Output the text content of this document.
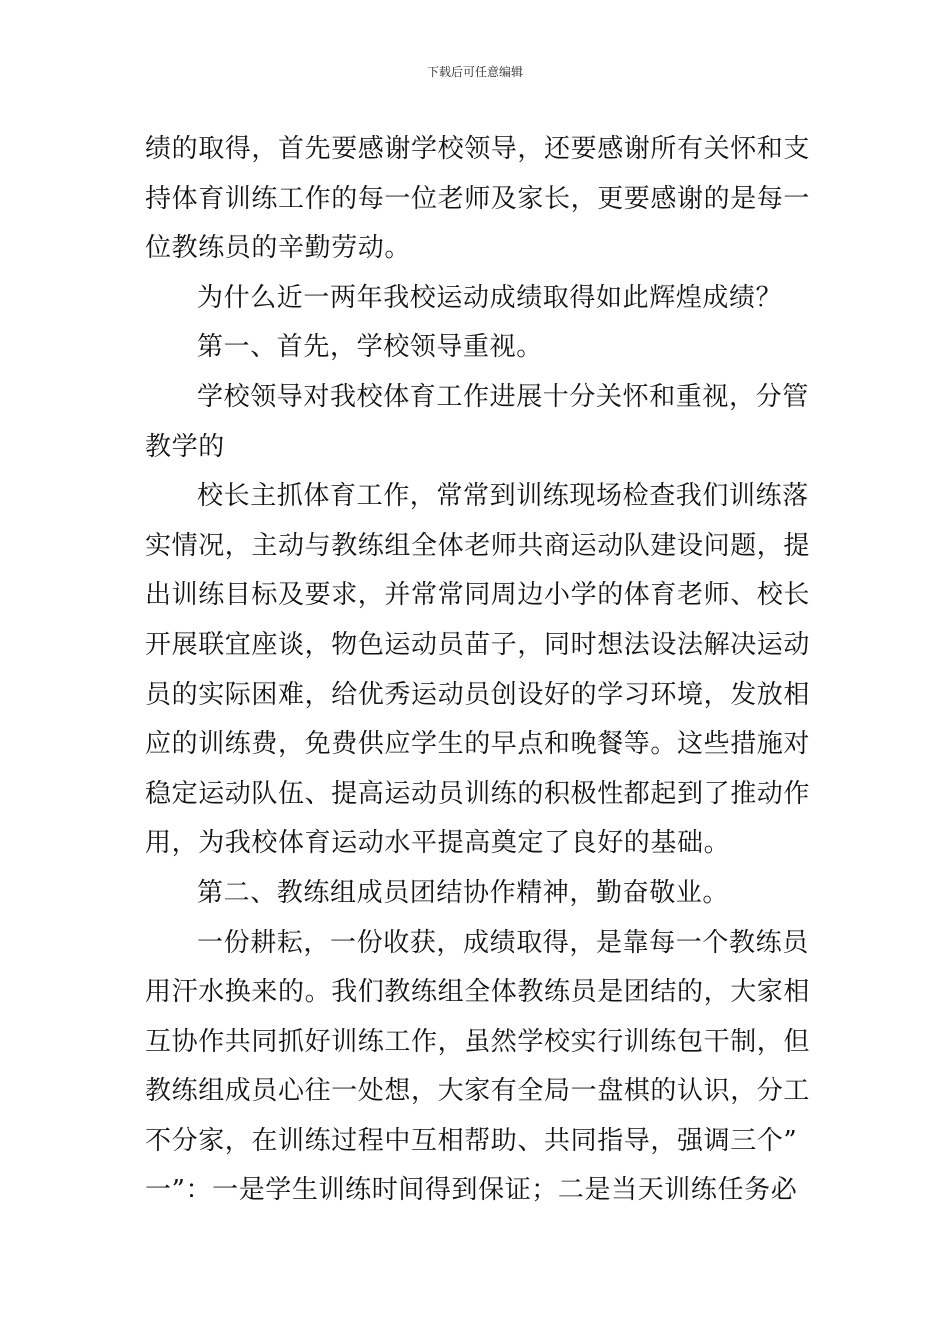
下载后可任意编辑
绩的取得，首先要感谢学校领导，还要感谢所有关怀和支
持体育训练工作的每一位老师及家长，更要感谢的是每一
位教练员的辛勤劳动。
为什么近一两年我校运动成绩取得如此辉煌成绩？
第一、首先，学校领导重视。
学校领导对我校体育工作进展十分关怀和重视，分管
教学的
校长主抓体育工作，常常到训练现场检查我们训练落
实情况，主动与教练组全体老师共商运动队建设问题，提
出训练目标及要求，并常常同周边小学的体育老师、校长
开展联宜座谈，物色运动员苗子，同时想法设法解决运动
员的实际困难，给优秀运动员创设好的学习环境，发放相
应的训练费，免费供应学生的早点和晚餐等。这些措施对
稳定运动队伍、提高运动员训练的积极性都起到了推动作
用，为我校体育运动水平提高奠定了良好的基础。
第二、教练组成员团结协作精神，勤奋敬业。
一份耕耘，一份收获，成绩取得，是靠每一个教练员
用汗水换来的。我们教练组全体教练员是团结的，大家相
互协作共同抓好训练工作，虽然学校实行训练包干制，但
教练组成员心往一处想，大家有全局一盘棋的认识，分工
不分家，在训练过程中互相帮助、共同指导，强调三个”
一”：一是学生训练时间得到保证；二是当天训练任务必
